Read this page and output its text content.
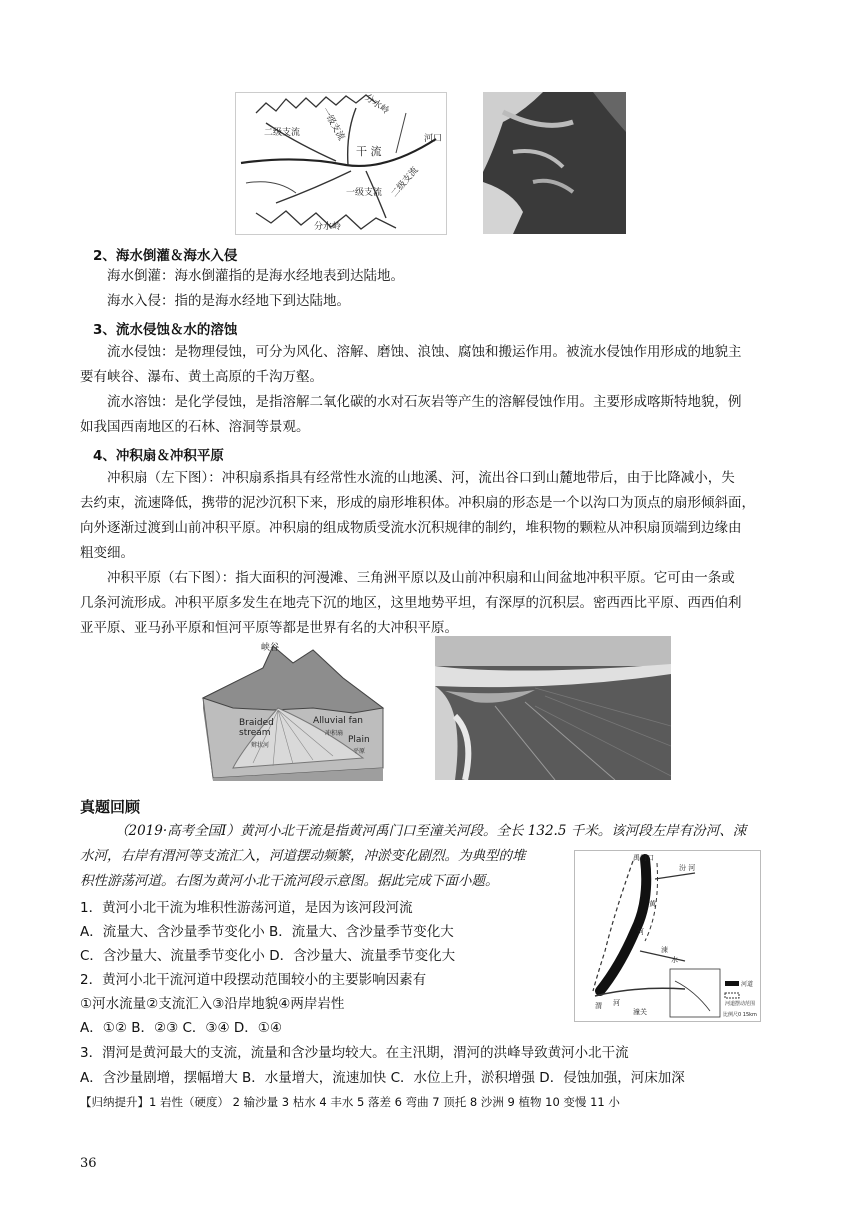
分水岭
二级支流 一级支流
干 流
一级支流 二级支流
河口
分水岭
2、海水倒灌＆海水入侵
海水倒灌：海水倒灌指的是海水经地表到达陆地。
海水入侵：指的是海水经地下到达陆地。
3、流水侵蚀＆水的溶蚀
流水侵蚀：是物理侵蚀，可分为风化、溶解、磨蚀、浪蚀、腐蚀和搬运作用。被流水侵蚀作用形成的地貌主
要有峡谷、瀑布、黄土高原的千沟万壑。
流水溶蚀：是化学侵蚀，是指溶解二氧化碳的水对石灰岩等产生的溶解侵蚀作用。主要形成喀斯特地貌，例
如我国西南地区的石林、溶洞等景观。
4、冲积扇＆冲积平原
冲积扇（左下图）：冲积扇系指具有经常性水流的山地溪、河，流出谷口到山麓地带后，由于比降减小，失
去约束，流速降低，携带的泥沙沉积下来，形成的扇形堆积体。冲积扇的形态是一个以沟口为顶点的扇形倾斜面，
向外逐渐过渡到山前冲积平原。冲积扇的组成物质受流水沉积规律的制约，堆积物的颗粒从冲积扇顶端到边缘由
粗变细。
冲积平原（右下图）：指大面积的河漫滩、三角洲平原以及山前冲积扇和山间盆地冲积平原。它可由一条或
几条河流形成。冲积平原多发生在地壳下沉的地区，这里地势平坦，有深厚的沉积层。密西西比平原、西西伯利
亚平原、亚马孙平原和恒河平原等都是世界有名的大冲积平原。
峡谷
Braided stream
辫状河
Alluvial fan
冲积扇
Plain
平原
真题回顾
（2019·高考全国Ⅰ）黄河小北干流是指黄河禹门口至潼关河段。全长 132.5 千米。该河段左岸有汾河、涑
水河，右岸有渭河等支流汇入，河道摆动频繁，冲淤变化剧烈。为典型的堆
积性游荡河道。右图为黄河小北干流河段示意图。据此完成下面小题。
1．黄河小北干流为堆积性游荡河道，是因为该河段河流
A．流量大、含沙量季节变化小 B．流量大、含沙量季节变化大
C．含沙量大、流量季节变化小 D．含沙量大、流量季节变化大
2．黄河小北干流河道中段摆动范围较小的主要影响因素有
①河水流量②支流汇入③沿岸地貌④两岸岩性
A．①② B．②③ C．③④ D．①④
3．渭河是黄河最大的支流，流量和含沙量均较大。在主汛期，渭河的洪峰导致黄河小北干流
A．含沙量剧增，摆幅增大 B．水量增大，流速加快 C．水位上升，淤积增强 D．侵蚀加强，河床加深
【归纳提升】1 岩性（硬度） 2 输沙量 3 枯水 4 丰水 5 落差 6 弯曲 7 顶托 8 沙洲 9 植物 10 变慢 11 小
禹门口
汾 河
黄
河
涑
水
渭 河
潼关
河道
河道摆动范围
比例尺0 15km
36
